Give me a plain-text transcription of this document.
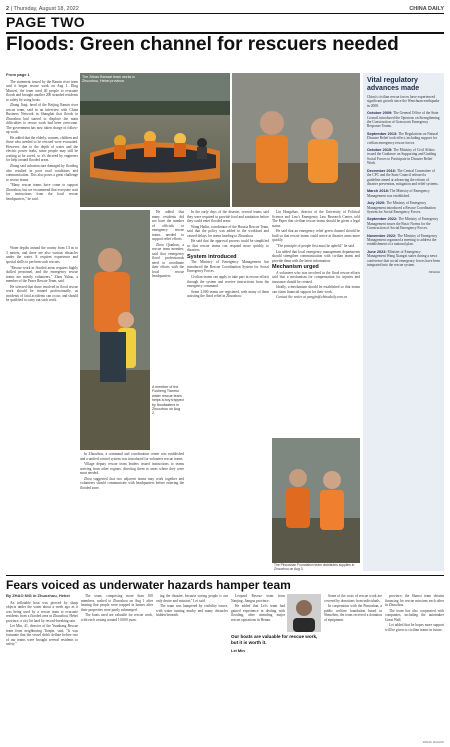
2 | Thursday, August 18, 2022	CHINA DAILY
PAGE TWO
Floods: Green channel for rescuers needed
From page 1

The statement issued by the Ramin river team said it began rescue work on Aug 1. Ding Minwei, the team used 40 people to evacuate floods and brought another 200 stranded residents to safety by using boats.

Zhang Jiaqi, head of the Beijing Ramin river rescue team, said in an interview with China Business Network in Shanghai that floods in Zhuozhou had started to displace the main difficulties to rescue work had been overcome. The government has now taken charge of follow-up work.

He added that the elderly, women, children and those who needed to be rescued were evacuated. However, due to the depth of water and the electric power leaks, some people may still be waiting to be saved, so it's decreed by engineers for help around flooded areas.

Zhang said infrastructure damaged by flooding also resulted in poor road conditions and communication. This also poses a great challenge to rescue teams.

"Many rescue teams have come to support Zhuozhou, but we recommend that everyone wait for instructions from the local rescue headquarters," he said.

Water depths around the county from 1.5 m to 3 meters, and there are also various obstacles under the water. It requires experience and special skills to perform such rescues.

"Rescue work in flooded areas requires highly skilled personnel, and the emergency rescue teams are mostly volunteers," Zhou Yuhao, a member of the Peace Rescue Team, said.

He stressed that those involved in flood rescue work should be trained professionally, as incidents of fatal accidents can occur, and should be qualified to carry out such work.

The Zekao Banwai team works in Zhuozhou, Hebei province.
A member of the Fusheng Tianmu water rescue team helps a boy trapped by floodwaters in Zhuozhou on Aug 2.

He added that many residents did not have the number of officials or emergency rescue teams needed to support relief efforts.

Zhou Qiankun, a rescue team member, said that emergency flood professionals need to coordinate their efforts with the local rescue headquarters.

In Zhuozhou, a command and coordination center was established and a unified control system was introduced for volunteer rescue teams.

Village deputy rescue team leaders issued instructions to teams arriving from other regions, directing them to areas where they were most needed.

Zhou suggested that two adjacent teams may work together and volunteers should communicate with headquarters before entering the flooded zone.

In the early days of the disaster, several teams said they were required to provide food and sanitation before they could enter flooded areas.

Wang Hailin, coordinator of the Huaxia Rescue Team, said that the policy was added to the workload and caused delays for teams heading to Zhuozhou.

He said that the approval process could be simplified so that rescue teams can respond more quickly to disasters.

System introduced

The Ministry of Emergency Management has introduced the Rescue Coordination System for Social Emergency Forces.

Civilian teams can apply to take part in rescue efforts through the system and receive instructions from the emergency command.

Some 3,000 teams are registered, with many of them assisting the flood relief in Zhuozhou.

Lin Hongzhao, director of the University of Political Science and Law's Emergency Law Research Center, told The Paper that civilian rescue teams should be given a legal status.

He said that an emergency relief green channel should be built so that rescue teams could arrive at disaster areas more quickly.

"The principle of people first must be upheld," he said.

Lin added that local emergency management departments should strengthen communication with civilian teams and provide them with the latest information.

Mechanism urged

A volunteer who was involved in the flood rescue efforts said that a mechanism for compensation for injuries and insurance should be created.

Ideally, a mechanism should be established so that teams can claim financial support for their work.

Contact the writer at yangjin@chinadaily.com.cn

The Pinuoshan Foundation team distributes supplies in Zhuozhou on Aug 3.
Vital regulatory advances made
China's civilian rescue forces have experienced significant growth since the Wenchuan earthquake in 2008.
October 2009: The General Office of the State Council introduced the Opinions on Strengthening the Construction of Grassroots Emergency Response Teams.
September 2013: The Regulations on Natural Disaster Relief took effect, including support for civilian emergency rescue forces.
October 2015: The Ministry of Civil Affairs issued the Guidance on Supporting and Guiding Social Forces to Participate in Disaster Relief Work.
December 2016: The Central Committee of the CPC and the State Council released a guideline aimed at advancing the reform of disaster prevention, mitigation and relief systems.
March 2018: The Ministry of Emergency Management was established.
July 2020: The Ministry of Emergency Management introduced a Rescue Coordination System for Social Emergency Forces.
September 2022: The Ministry of Emergency Management issues the Basic Norms for the Construction of Social Emergency Forces.
November 2022: The Ministry of Emergency Management organized a meeting to address the establishment of a national plan.
June 2023: Minister of Emergency Management Wang Xiangxi states during a news conference that social emergency forces have been integrated into the rescue system.
XINHUA
Fears voiced as underwater hazards hamper team
By ZHAO NIG in Zhuozhou, Hebei

An inflatable boat was pierced by sharp objects under the water about a week ago as it was being used by a rescue team to evacuate residents from a flooded area in Zhuozhou, Hebei province, a city hit hard by record-breaking rain.

Lei Min, 41, director of the Yuanbang Rescue team from neighboring Tianjin, said, "It was fortunate that the vessel didn't deflate before two of our teams were brought several residents to safety."

The team, comprising more than 100 members, rushed to Zhuozhou on Aug 1 after hearing that people were trapped in homes after their properties were partly submerged.

The boats used are valuable for rescue work, with each costing around 10,000 yuan.

ing the disaster, because saving people is our only desire and mission," Lei said.

The team was hampered by visibility issues, with water turning murky and many obstacles hidden beneath.

Leopard Rescue team from Nanjing, Jiangsu province.

He added that Lei's team had gained experience in dealing with flooding, after attending major rescue operations in Henan.

Our boats are valuable for rescue work, but it is worth it.
Lei Min

Some of the costs of rescue work are covered by donations from individuals.

In cooperation with the Pinuoshan, a public welfare foundation based in Shenzhen, the team received a donation of equipment.

province, the Shanxi team obtains financing for rescue missions each other in Zhuozhou.

The team has also cooperated with companies, including the automaker Great Wall.

Lei added that he hopes more support will be given to civilian teams in future.

WANG ZHUANI
